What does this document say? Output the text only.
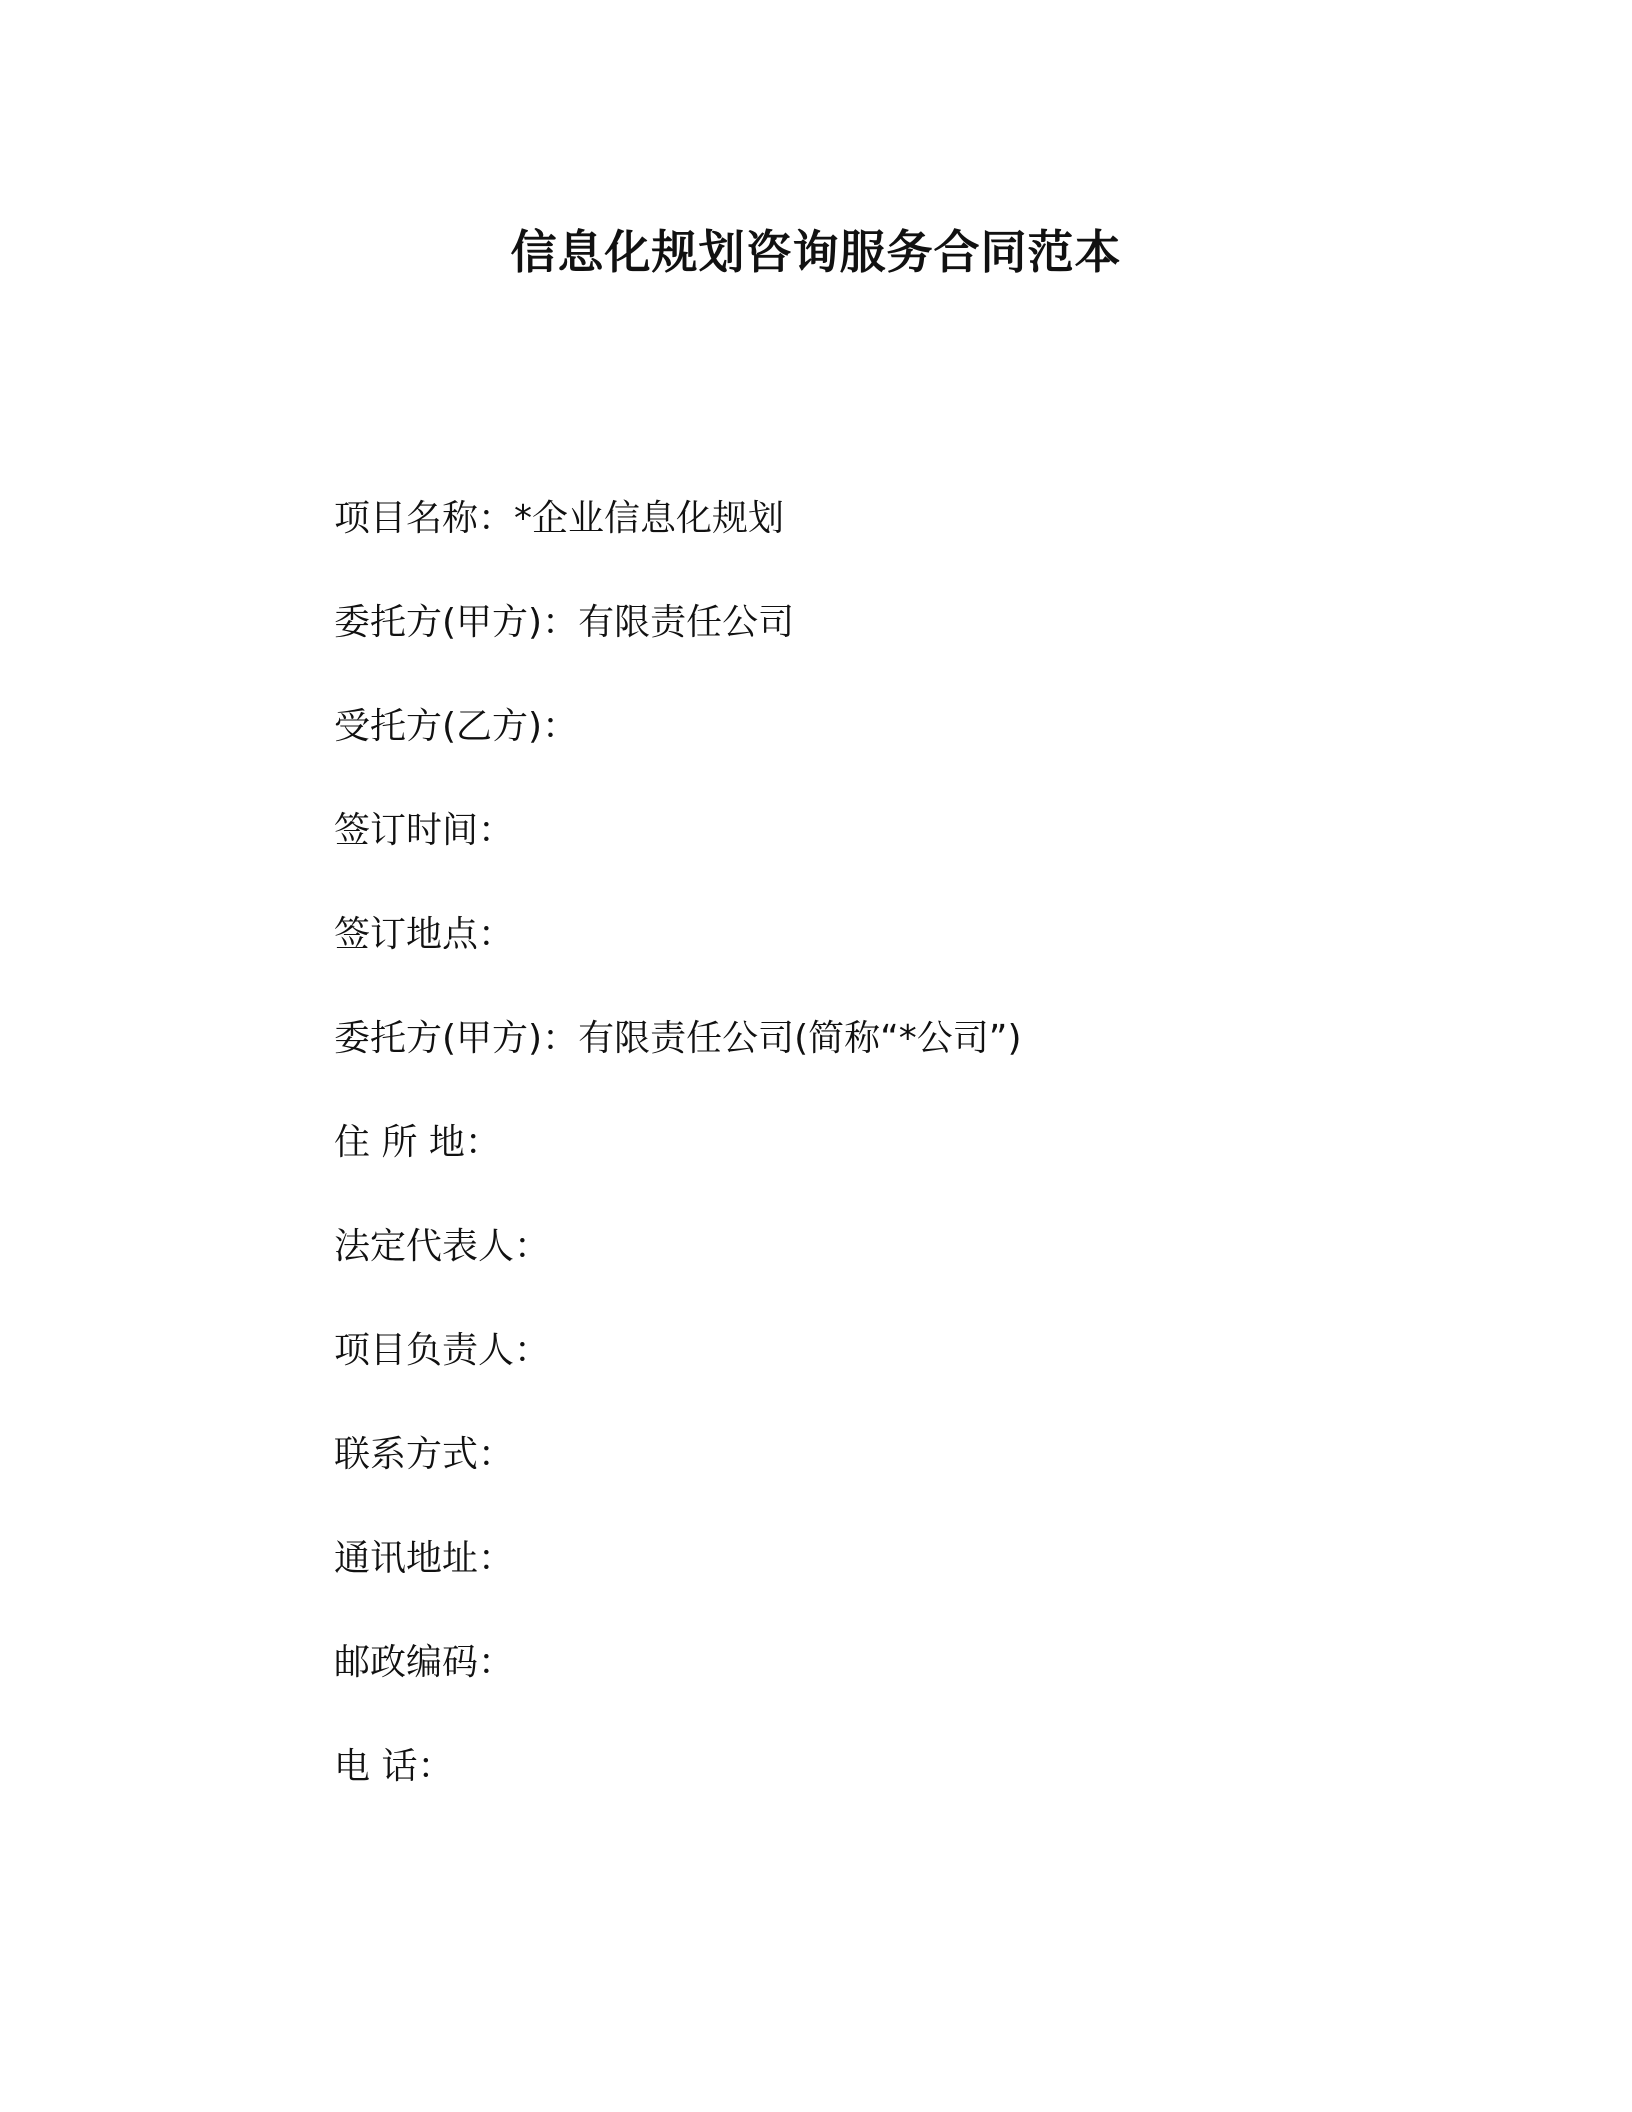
信息化规划咨询服务合同范本
项目名称：*企业信息化规划
委托方(甲方)：有限责任公司
受托方(乙方)：
签订时间：
签订地点：
委托方(甲方)：有限责任公司(简称“*公司”)
住 所 地：
法定代表人：
项目负责人：
联系方式：
通讯地址：
邮政编码：
电 话：
